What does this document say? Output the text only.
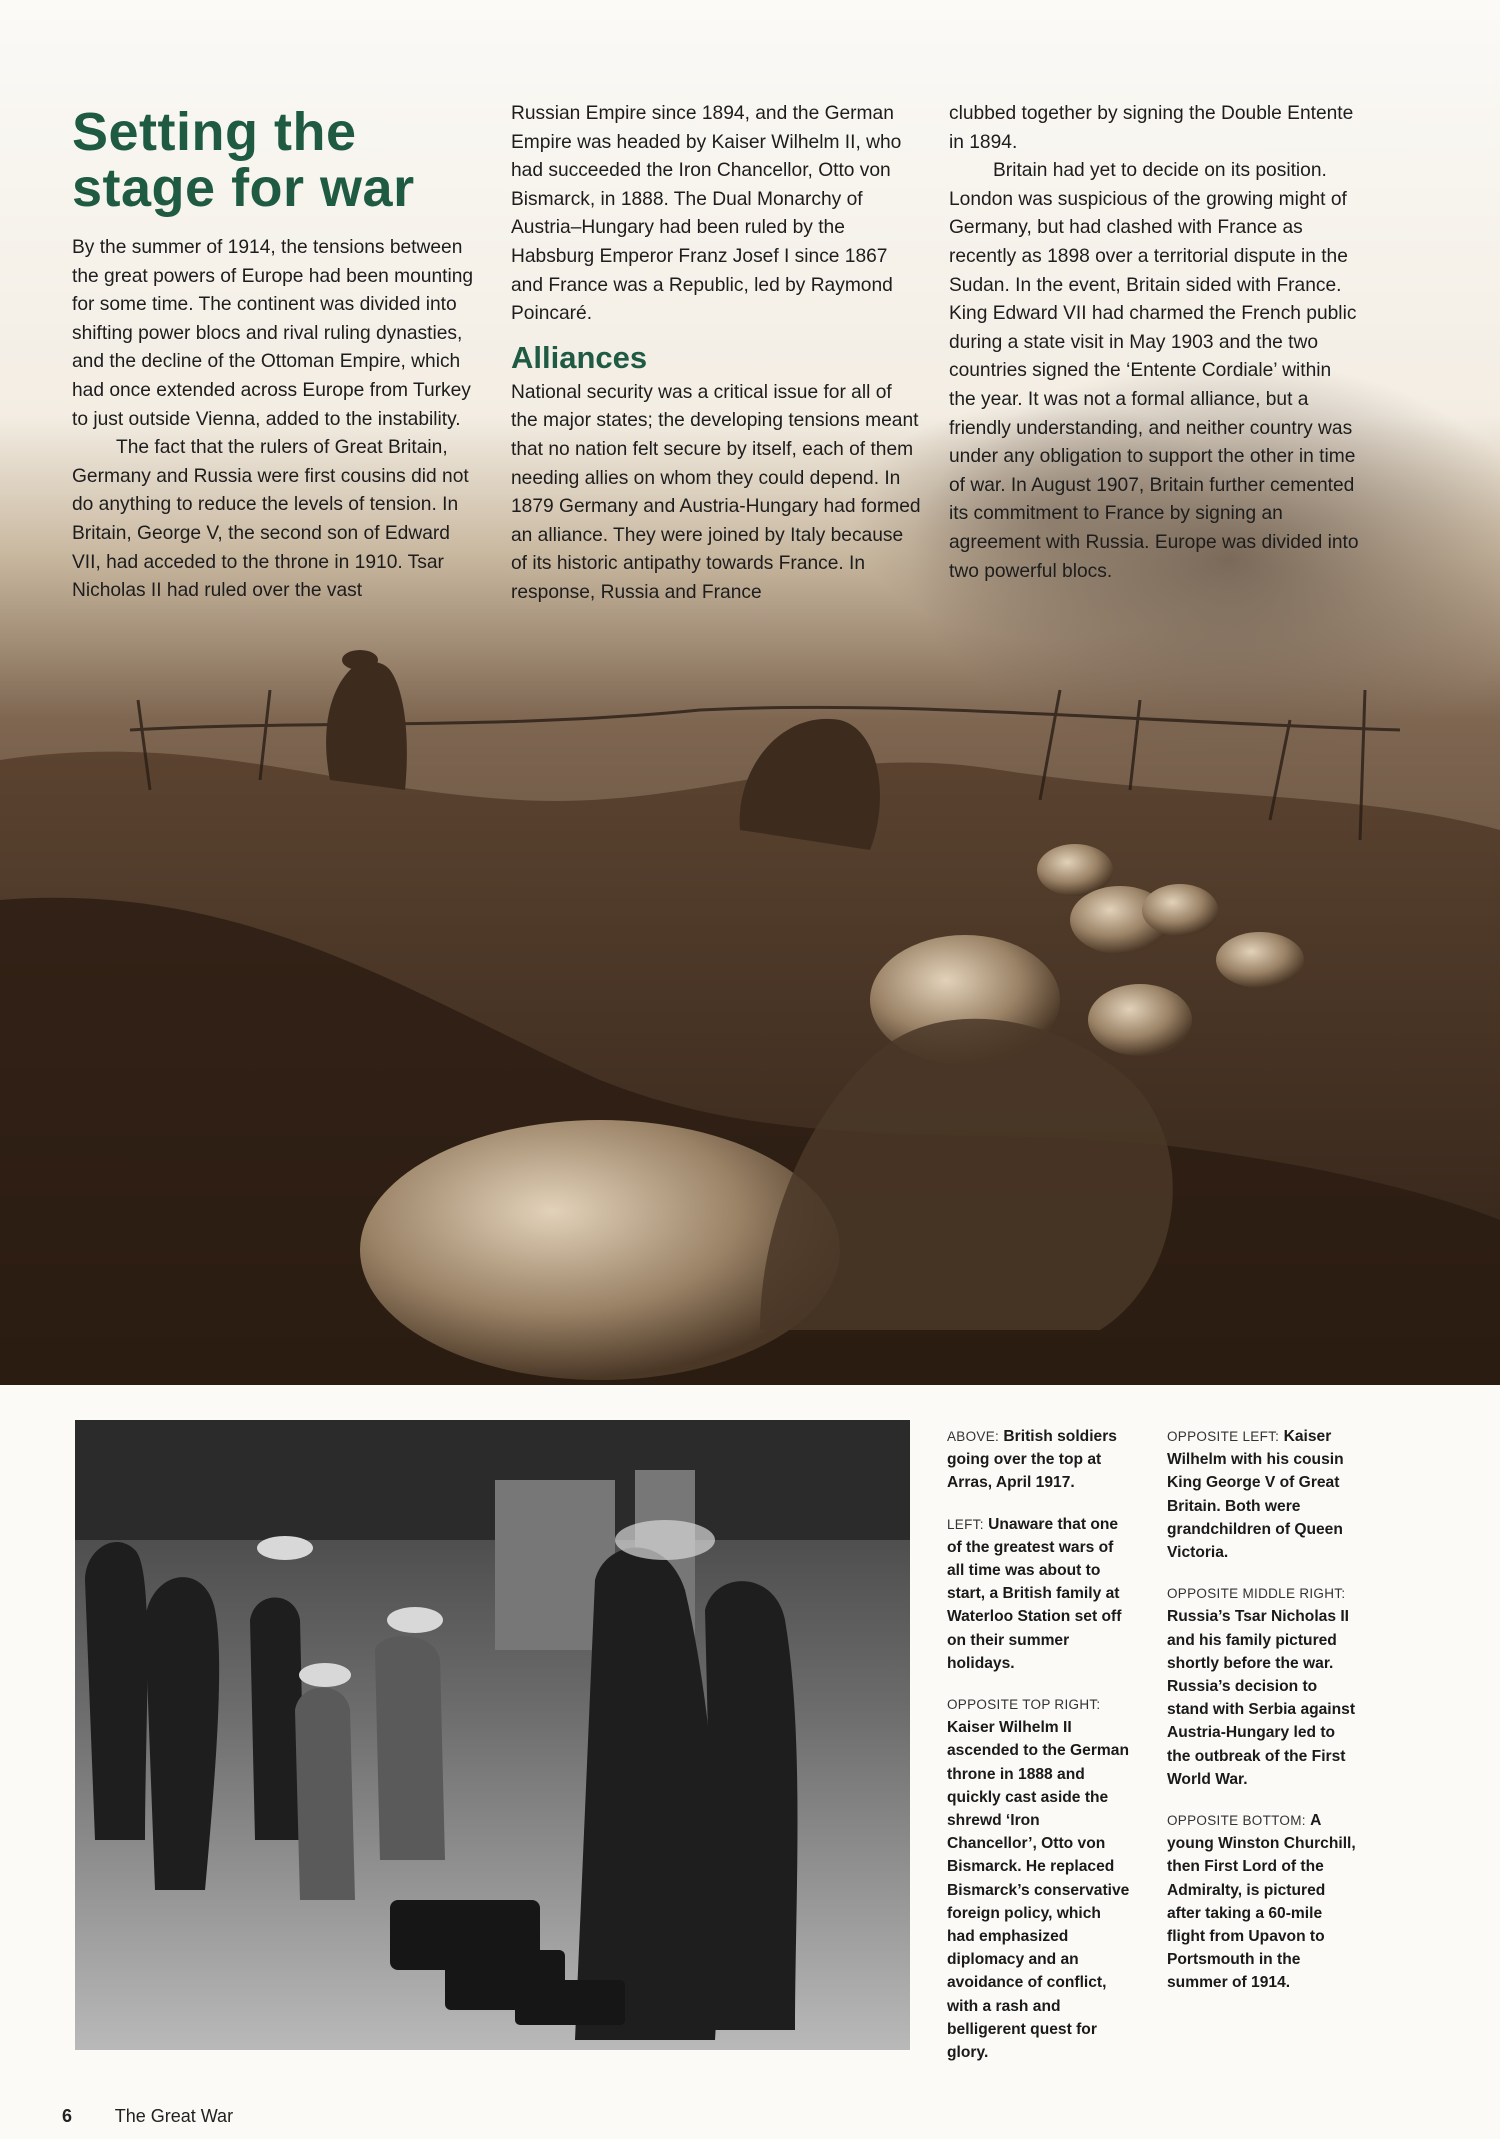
Setting the
stage for war

By the summer of 1914, the tensions between the great powers of Europe had been mounting for some time. The continent was divided into shifting power blocs and rival ruling dynasties, and the decline of the Ottoman Empire, which had once extended across Europe from Turkey to just outside Vienna, added to the instability.

The fact that the rulers of Great Britain, Germany and Russia were first cousins did not do anything to reduce the levels of tension. In Britain, George V, the second son of Edward VII, had acceded to the throne in 1910. Tsar Nicholas II had ruled over the vast

Russian Empire since 1894, and the German Empire was headed by Kaiser Wilhelm II, who had succeeded the Iron Chancellor, Otto von Bismarck, in 1888. The Dual Monarchy of Austria–Hungary had been ruled by the Habsburg Emperor Franz Josef I since 1867 and France was a Republic, led by Raymond Poincaré.

Alliances

National security was a critical issue for all of the major states; the developing tensions meant that no nation felt secure by itself, each of them needing allies on whom they could depend. In 1879 Germany and Austria-Hungary had formed an alliance. They were joined by Italy because of its historic antipathy towards France. In response, Russia and France

clubbed together by signing the Double Entente in 1894.

Britain had yet to decide on its position. London was suspicious of the growing might of Germany, but had clashed with France as recently as 1898 over a territorial dispute in the Sudan. In the event, Britain sided with France. King Edward VII had charmed the French public during a state visit in May 1903 and the two countries signed the ‘Entente Cordiale’ within the year. It was not a formal alliance, but a friendly understanding, and neither country was under any obligation to support the other in time of war. In August 1907, Britain further cemented its commitment to France by signing an agreement with Russia. Europe was divided into two powerful blocs.

ABOVE: British soldiers going over the top at Arras, April 1917.
LEFT: Unaware that one of the greatest wars of all time was about to start, a British family at Waterloo Station set off on their summer holidays.
OPPOSITE TOP RIGHT:
Kaiser Wilhelm II ascended to the German throne in 1888 and quickly cast aside the shrewd ‘Iron Chancellor’, Otto von Bismarck. He replaced Bismarck’s conservative foreign policy, which had emphasized diplomacy and an avoidance of conflict, with a rash and belligerent quest for glory.
OPPOSITE LEFT: Kaiser Wilhelm with his cousin King George V of Great Britain. Both were grandchildren of Queen Victoria.
OPPOSITE MIDDLE RIGHT:
Russia’s Tsar Nicholas II and his family pictured shortly before the war. Russia’s decision to stand with Serbia against Austria-Hungary led to the outbreak of the First World War.
OPPOSITE BOTTOM: A young Winston Churchill, then First Lord of the Admiralty, is pictured after taking a 60-mile flight from Upavon to Portsmouth in the summer of 1914.
6 The Great War
